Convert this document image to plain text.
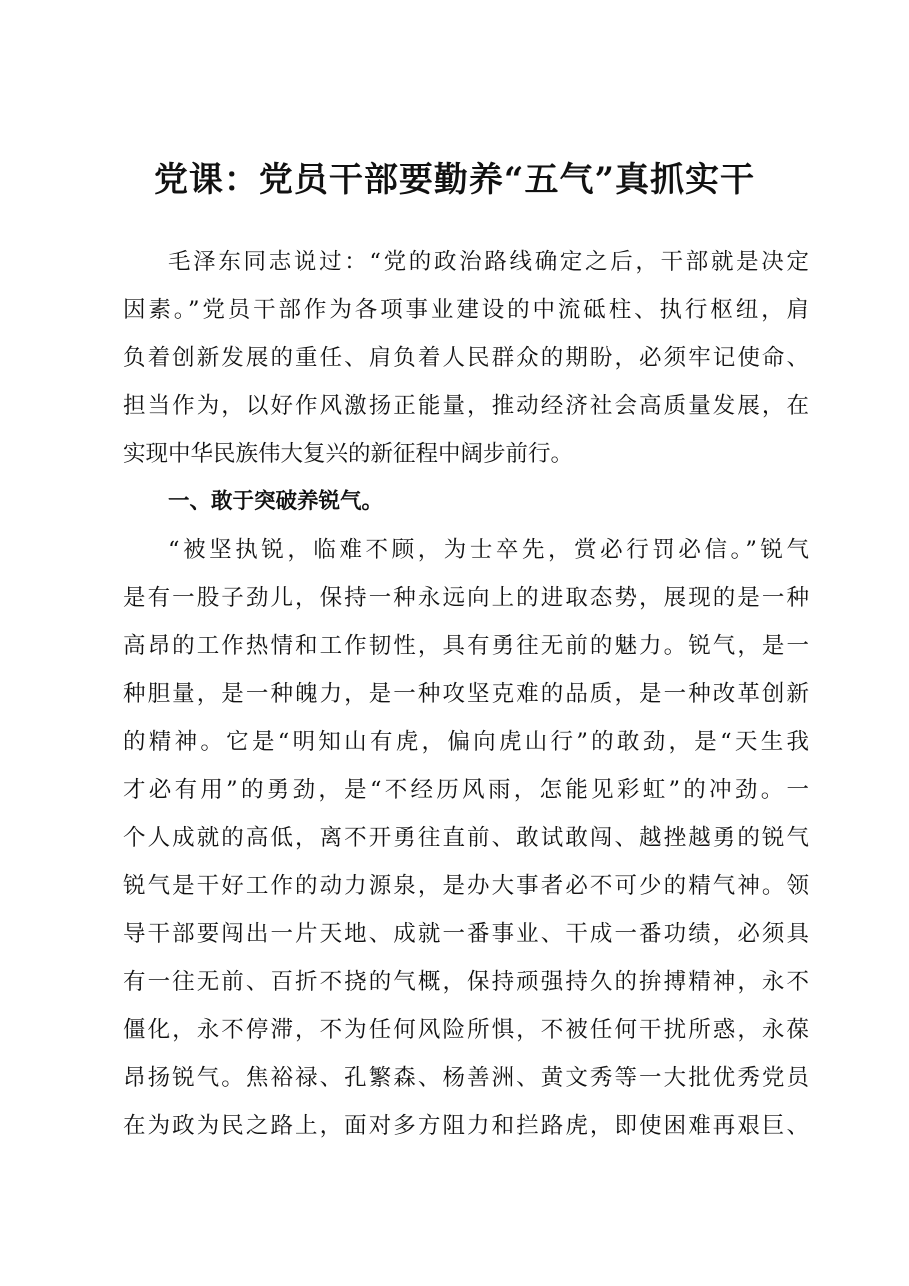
党课：党员干部要勤养“五气”真抓实干
毛泽东同志说过：“党的政治路线确定之后，干部就是决定
因素。”党员干部作为各项事业建设的中流砥柱、执行枢纽，肩
负着创新发展的重任、肩负着人民群众的期盼，必须牢记使命、
担当作为，以好作风激扬正能量，推动经济社会高质量发展，在
实现中华民族伟大复兴的新征程中阔步前行。
一、敢于突破养锐气。
“被坚执锐，临难不顾，为士卒先，赏必行罚必信。”锐气
是有一股子劲儿，保持一种永远向上的进取态势，展现的是一种
高昂的工作热情和工作韧性，具有勇往无前的魅力。锐气，是一
种胆量，是一种魄力，是一种攻坚克难的品质，是一种改革创新
的精神。它是“明知山有虎，偏向虎山行”的敢劲，是“天生我
才必有用”的勇劲，是“不经历风雨，怎能见彩虹”的冲劲。一
个人成就的高低，离不开勇往直前、敢试敢闯、越挫越勇的锐气
锐气是干好工作的动力源泉，是办大事者必不可少的精气神。领
导干部要闯出一片天地、成就一番事业、干成一番功绩，必须具
有一往无前、百折不挠的气概，保持顽强持久的拚搏精神，永不
僵化，永不停滞，不为任何风险所惧，不被任何干扰所惑，永葆
昂扬锐气。焦裕禄、孔繁森、杨善洲、黄文秀等一大批优秀党员
在为政为民之路上，面对多方阻力和拦路虎，即使困难再艰巨、
